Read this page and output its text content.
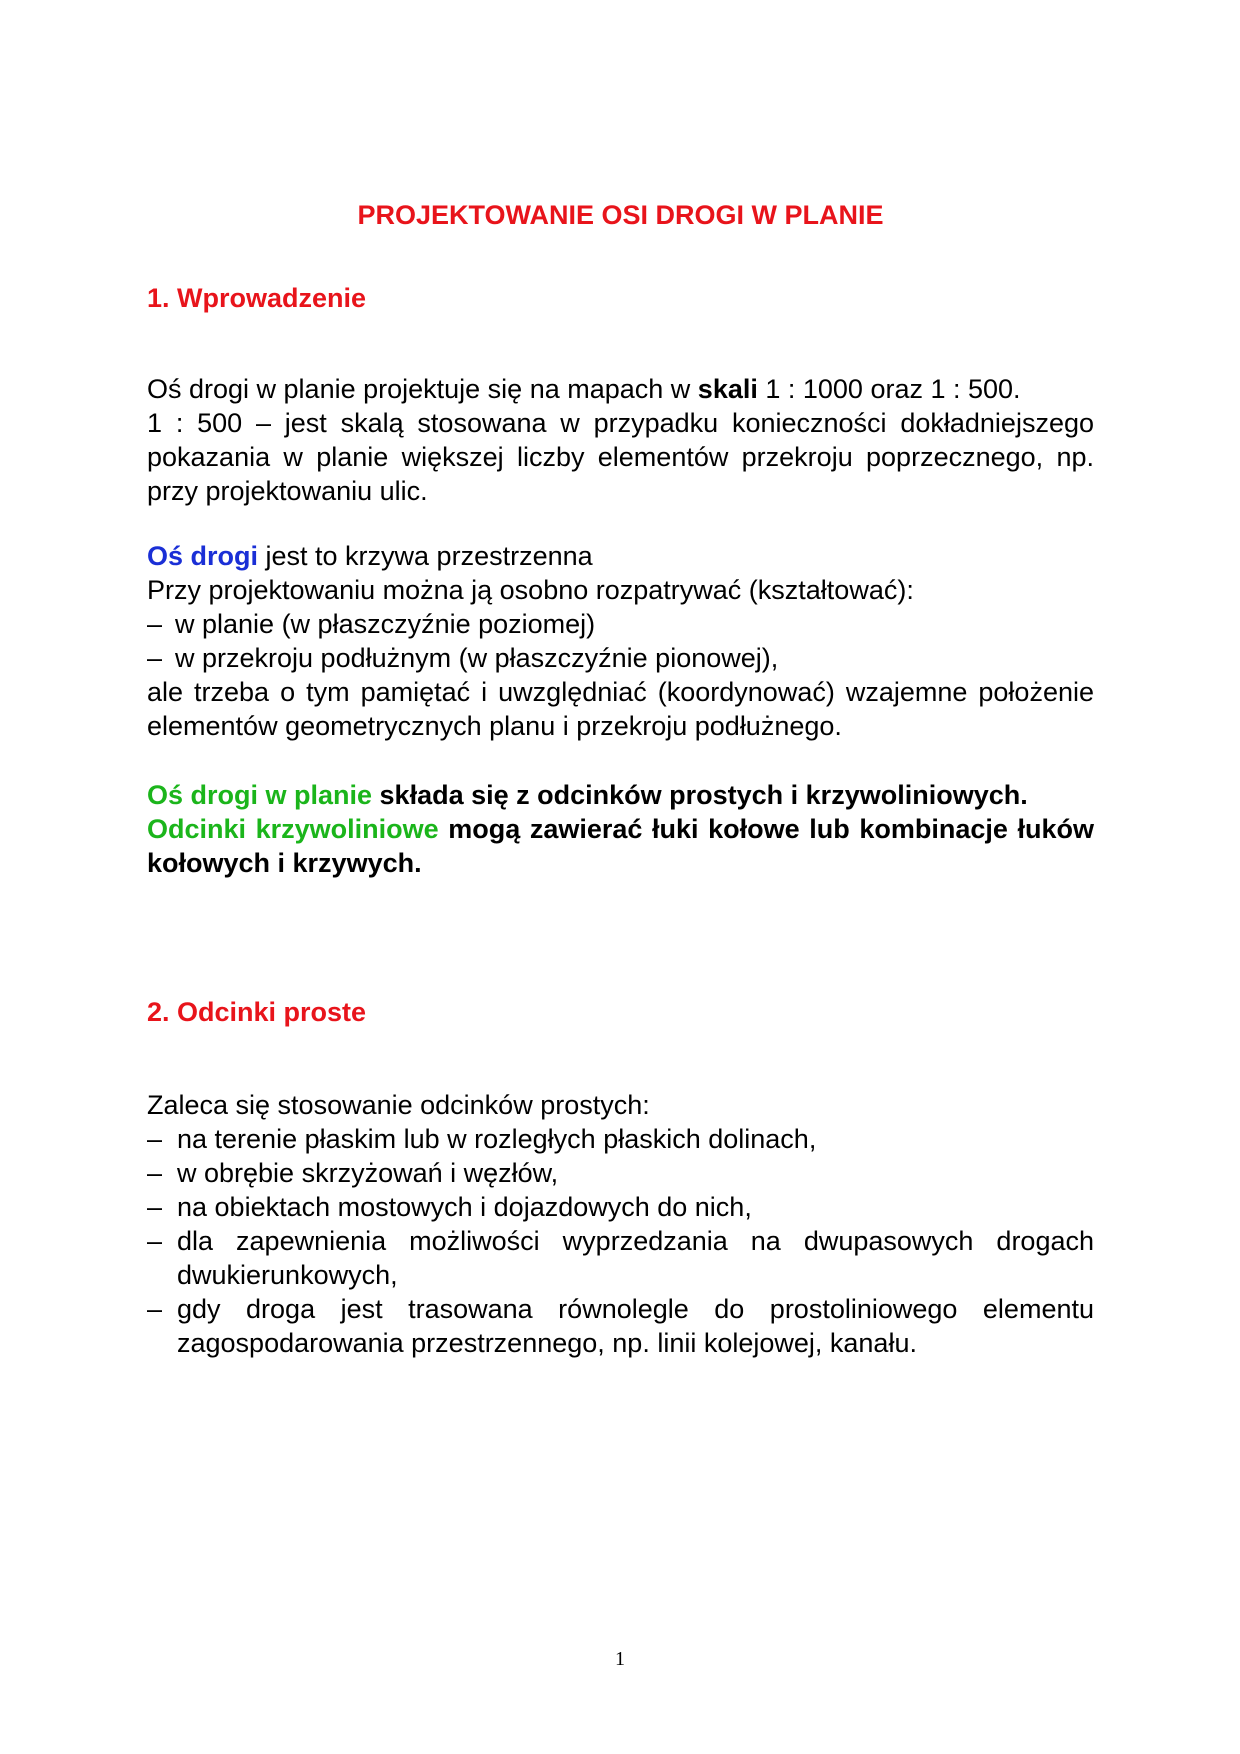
PROJEKTOWANIE OSI DROGI W PLANIE
1. Wprowadzenie

Oś drogi w planie projektuje się na mapach w skali 1 : 1000 oraz 1 : 500.

1 : 500 – jest skalą stosowana w przypadku konieczności dokładniejszego pokazania w planie większej liczby elementów przekroju poprzecznego, np. przy projektowaniu ulic.

Oś drogi jest to krzywa przestrzenna

Przy projektowaniu można ją osobno rozpatrywać (kształtować):

– w planie (w płaszczyźnie poziomej)

– w przekroju podłużnym (w płaszczyźnie pionowej),

ale trzeba o tym pamiętać i uwzględniać (koordynować) wzajemne położenie elementów geometrycznych planu i przekroju podłużnego.

Oś drogi w planie składa się z odcinków prostych i krzywoliniowych.

Odcinki krzywoliniowe mogą zawierać łuki kołowe lub kombinacje łuków kołowych i krzywych.

2. Odcinki proste

Zaleca się stosowanie odcinków prostych:

– na terenie płaskim lub w rozległych płaskich dolinach,

– w obrębie skrzyżowań i węzłów,

– na obiektach mostowych i dojazdowych do nich,

– dla zapewnienia możliwości wyprzedzania na dwupasowych drogach dwukierunkowych,

– gdy droga jest trasowana równolegle do prostoliniowego elementu zagospodarowania przestrzennego, np. linii kolejowej, kanału.

1
